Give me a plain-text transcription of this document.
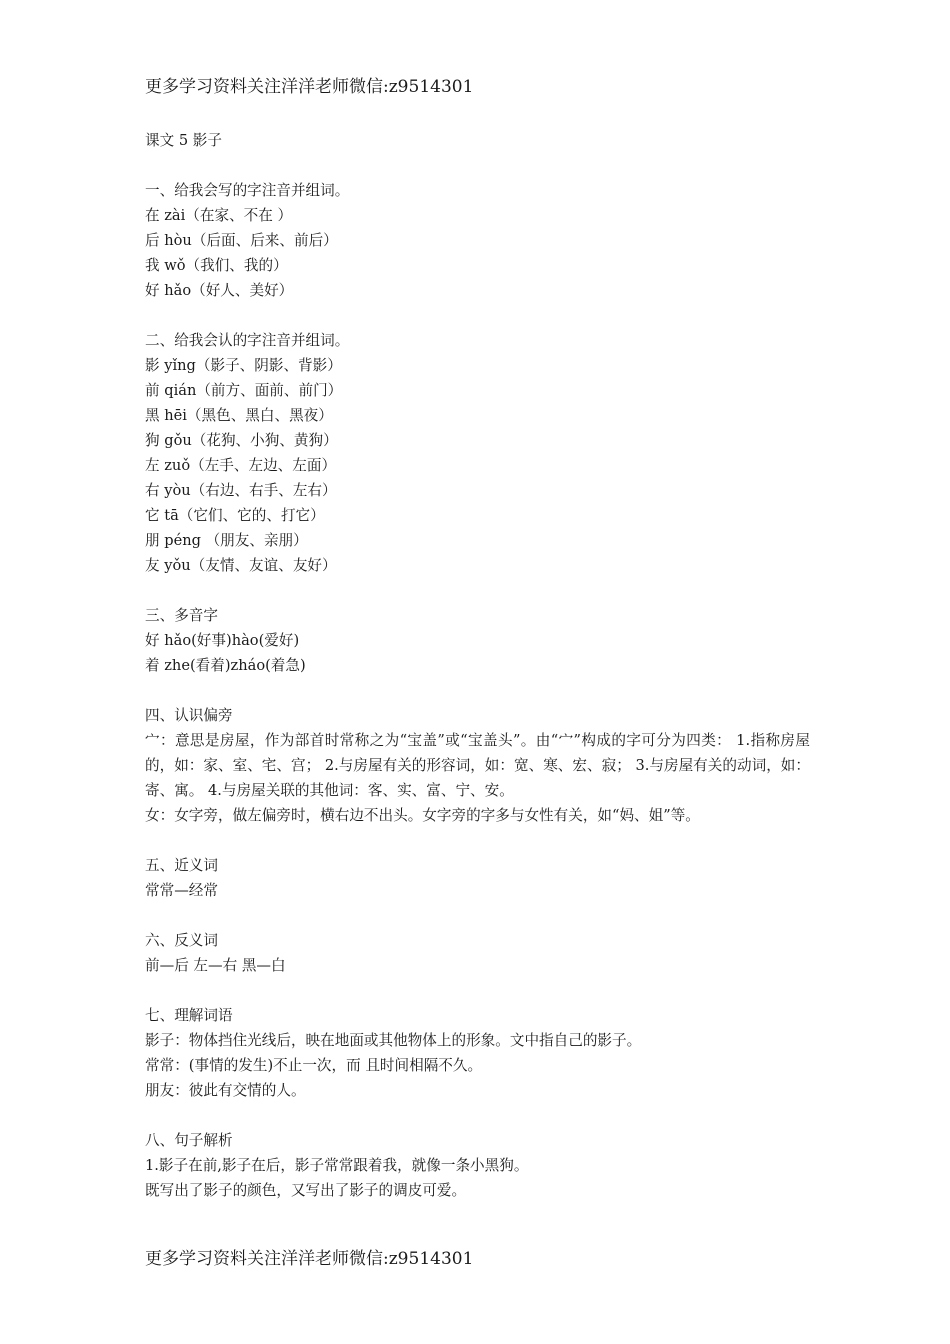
更多学习资料关注洋洋老师微信:z9514301
课文 5 影子
一、给我会写的字注音并组词。
在 zài（在家、不在 ）
后 hòu（后面、后来、前后）
我 wǒ（我们、我的）
好 hǎo（好人、美好）
二、给我会认的字注音并组词。
影 yǐng（影子、阴影、背影）
前 qián（前方、面前、前门）
黑 hēi（黑色、黑白、黑夜）
狗 gǒu（花狗、小狗、黄狗）
左 zuǒ（左手、左边、左面）
右 yòu（右边、右手、左右）
它 tā（它们、它的、打它）
朋 péng （朋友、亲朋）
友 yǒu（友情、友谊、友好）
三、多音字
好 hǎo(好事)hào(爱好)
着 zhe(看着)zháo(着急)
四、认识偏旁
宀：意思是房屋，作为部首时常称之为“宝盖”或“宝盖头”。由“宀”构成的字可分为四类： 1.指称房屋的，如：家、室、宅、宫； 2.与房屋有关的形容词，如：宽、寒、宏、寂； 3.与房屋有关的动词，如：寄、寓。 4.与房屋关联的其他词：客、实、富、宁、安。
女：女字旁，做左偏旁时，横右边不出头。女字旁的字多与女性有关，如“妈、姐”等。
五、近义词
常常—经常
六、反义词
前—后 左—右 黑—白
七、理解词语
影子：物体挡住光线后，映在地面或其他物体上的形象。文中指自己的影子。
常常：(事情的发生)不止一次，而 且时间相隔不久。
朋友：彼此有交情的人。
八、句子解析
1.影子在前,影子在后，影子常常跟着我，就像一条小黑狗。
既写出了影子的颜色，又写出了影子的调皮可爱。
更多学习资料关注洋洋老师微信:z9514301
